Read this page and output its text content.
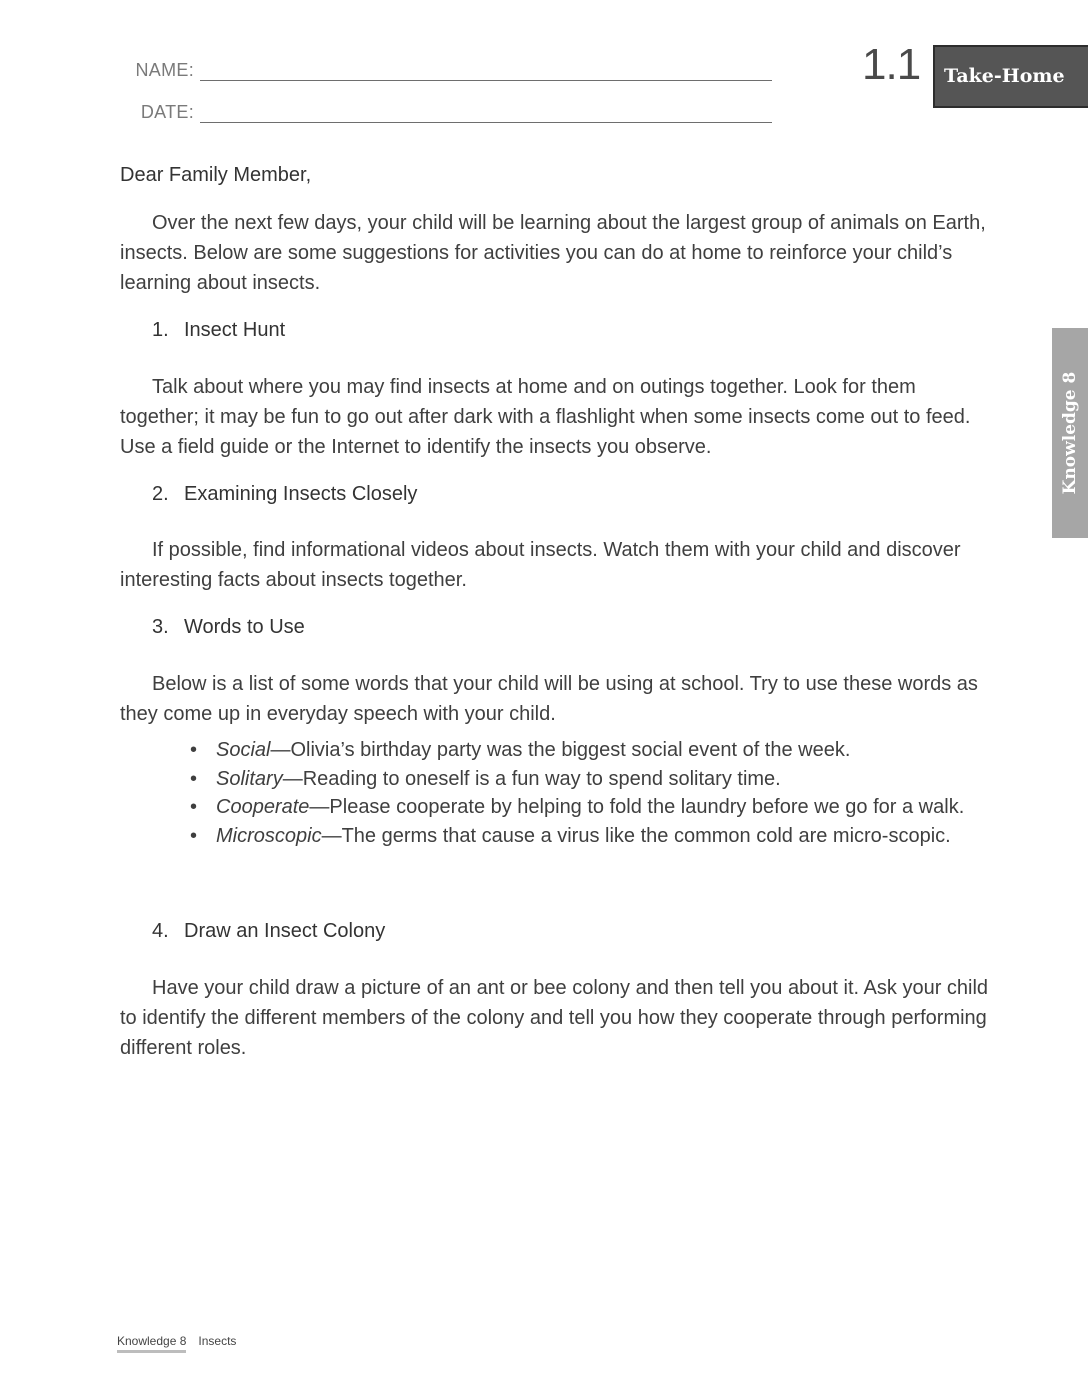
NAME:
DATE:
1.1	Take-Home
Knowledge 8
Dear Family Member,

Over the next few days, your child will be learning about the largest group of animals on Earth, insects. Below are some suggestions for activities you can do at home to reinforce your child’s learning about insects.

1. Insect Hunt

Talk about where you may find insects at home and on outings together. Look for them together; it may be fun to go out after dark with a flashlight when some insects come out to feed. Use a field guide or the Internet to identify the insects you observe.

2. Examining Insects Closely

If possible, find informational videos about insects. Watch them with your child and discover interesting facts about insects together.

3. Words to Use

Below is a list of some words that your child will be using at school. Try to use these words as they come up in everyday speech with your child.

• Social—Olivia’s birthday party was the biggest social event of the week.
• Solitary—Reading to oneself is a fun way to spend solitary time.
• Cooperate—Please cooperate by helping to fold the laundry before we go for a walk.
• Microscopic—The germs that cause a virus like the common cold are micro-scopic.
4. Draw an Insect Colony

Have your child draw a picture of an ant or bee colony and then tell you about it. Ask your child to identify the different members of the colony and tell you how they cooperate through performing different roles.

Knowledge 8 Insects
